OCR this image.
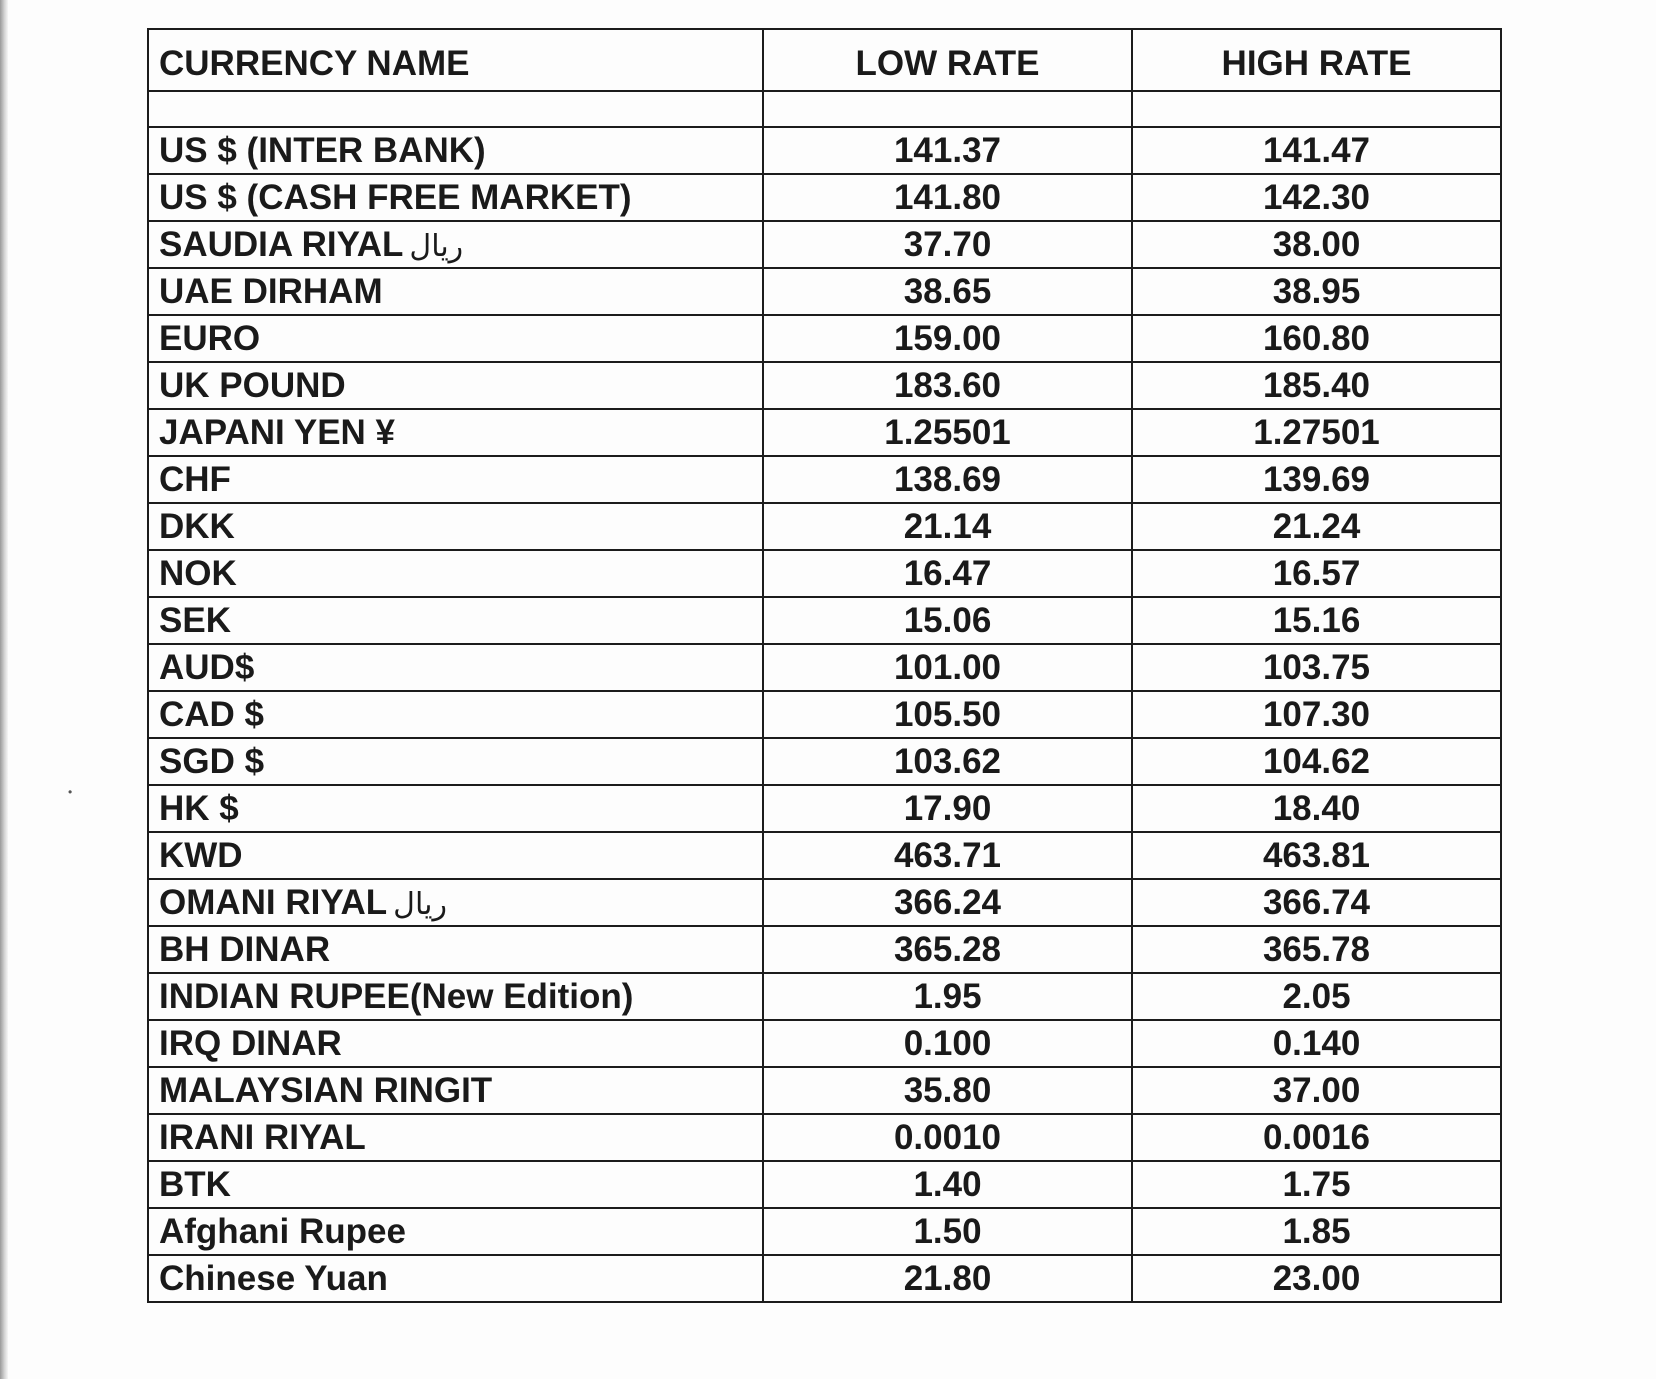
•
CURRENCY NAME	LOW RATE	HIGH RATE

US $ (INTER BANK)	141.37	141.47
US $ (CASH FREE MARKET)	141.80	142.30
SAUDIA RIYAL ریال	37.70	38.00
UAE DIRHAM	38.65	38.95
EURO	159.00	160.80
UK POUND	183.60	185.40
JAPANI YEN ¥	1.25501	1.27501
CHF	138.69	139.69
DKK	21.14	21.24
NOK	16.47	16.57
SEK	15.06	15.16
AUD$	101.00	103.75
CAD $	105.50	107.30
SGD $	103.62	104.62
HK $	17.90	18.40
KWD	463.71	463.81
OMANI RIYAL ریال	366.24	366.74
BH DINAR	365.28	365.78
INDIAN RUPEE(New Edition)	1.95	2.05
IRQ DINAR	0.100	0.140
MALAYSIAN RINGIT	35.80	37.00
IRANI RIYAL	0.0010	0.0016
BTK	1.40	1.75
Afghani Rupee	1.50	1.85
Chinese Yuan	21.80	23.00
